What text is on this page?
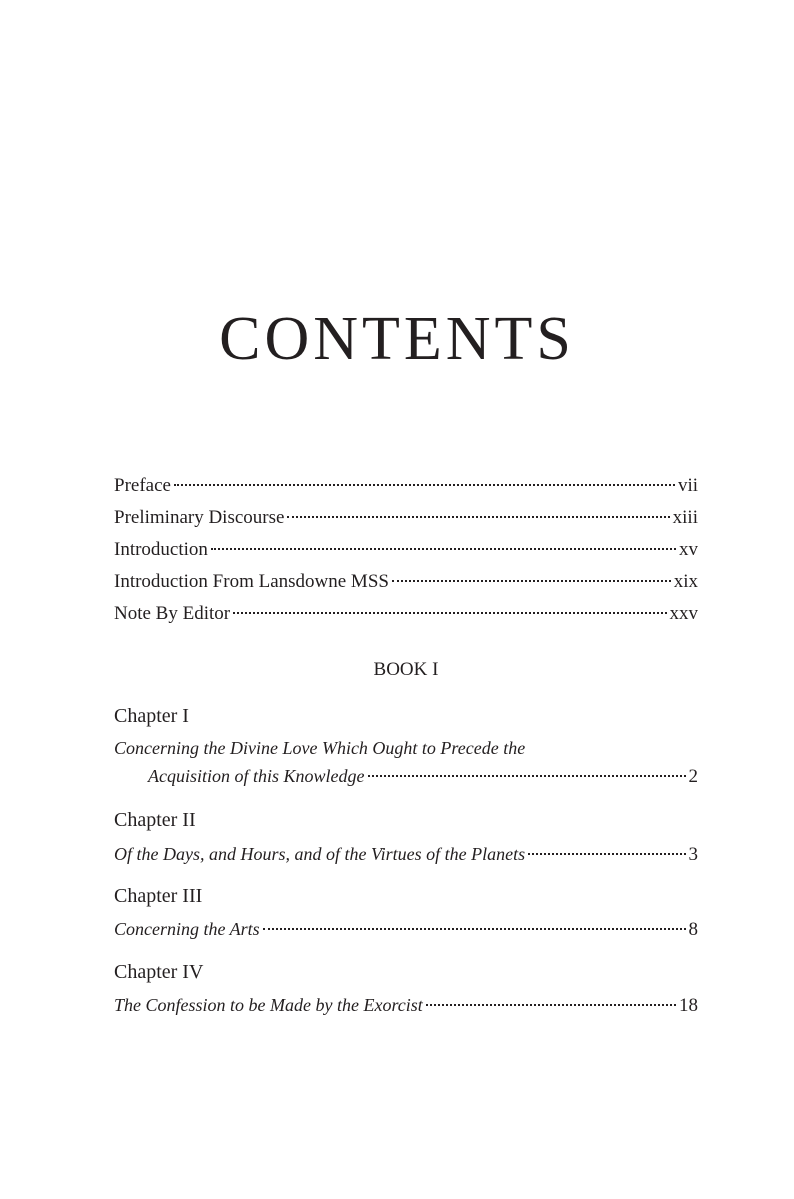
CONTENTS
Preface	vii
Preliminary Discourse	xiii
Introduction	xv
Introduction From Lansdowne MSS	xix
Note By Editor	xxv
BOOK I
Chapter I
Concerning the Divine Love Which Ought to Precede the
Acquisition of this Knowledge	2
Chapter II
Of the Days, and Hours, and of the Virtues of the Planets	3
Chapter III
Concerning the Arts	8
Chapter IV
The Confession to be Made by the Exorcist	18
